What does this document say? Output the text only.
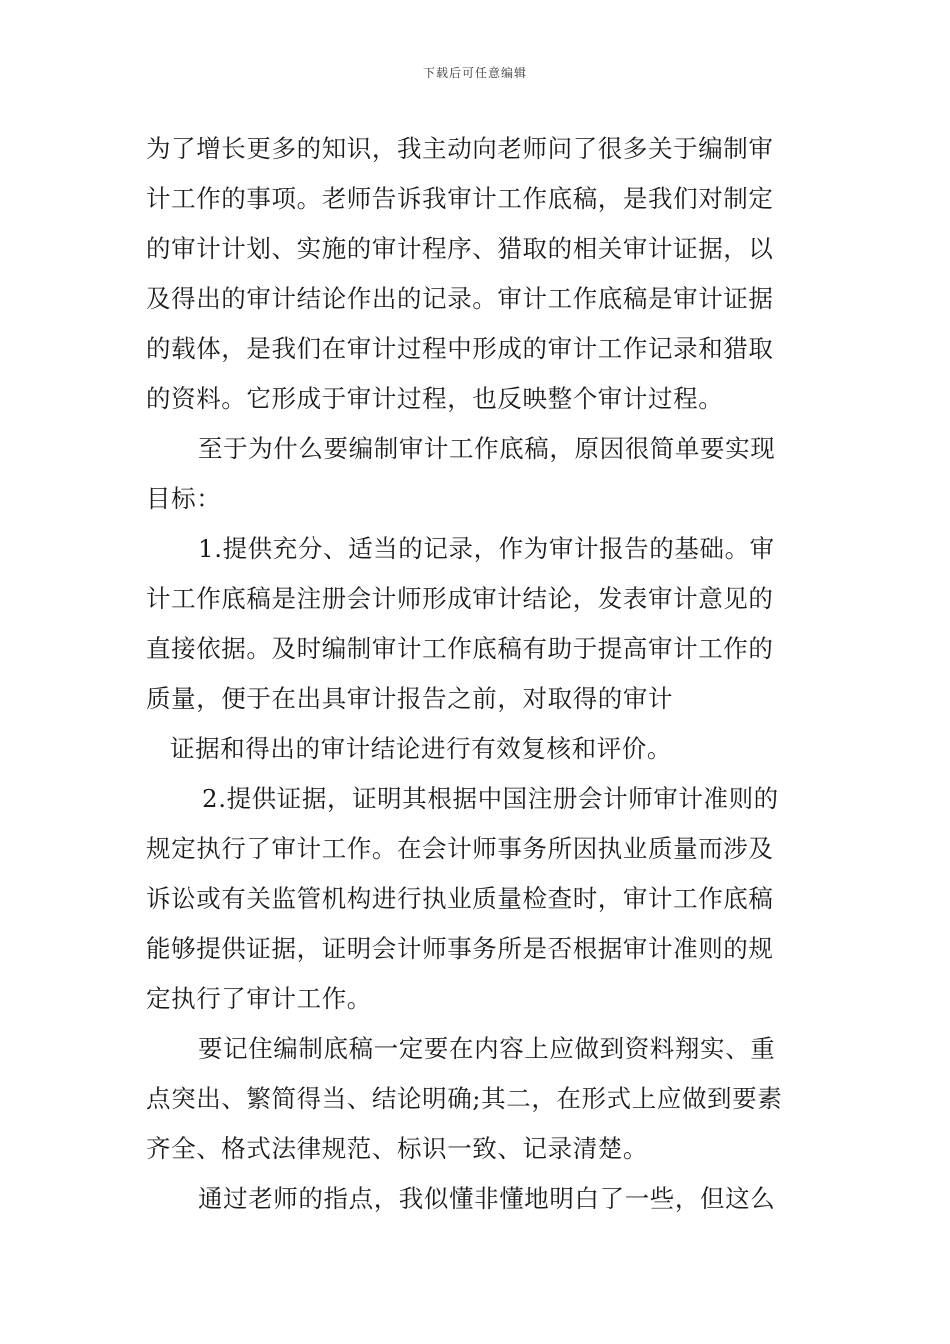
下载后可任意编辑
为了增长更多的知识，我主动向老师问了很多关于编制审
计工作的事项。老师告诉我审计工作底稿，是我们对制定
的审计计划、实施的审计程序、猎取的相关审计证据，以
及得出的审计结论作出的记录。审计工作底稿是审计证据
的载体，是我们在审计过程中形成的审计工作记录和猎取
的资料。它形成于审计过程，也反映整个审计过程。
至于为什么要编制审计工作底稿，原因很简单要实现
目标：
1.提供充分、适当的记录，作为审计报告的基础。审
计工作底稿是注册会计师形成审计结论，发表审计意见的
直接依据。及时编制审计工作底稿有助于提高审计工作的
质量，便于在出具审计报告之前，对取得的审计
证据和得出的审计结论进行有效复核和评价。
2.提供证据，证明其根据中国注册会计师审计准则的
规定执行了审计工作。在会计师事务所因执业质量而涉及
诉讼或有关监管机构进行执业质量检查时，审计工作底稿
能够提供证据，证明会计师事务所是否根据审计准则的规
定执行了审计工作。
要记住编制底稿一定要在内容上应做到资料翔实、重
点突出、繁简得当、结论明确;其二，在形式上应做到要素
齐全、格式法律规范、标识一致、记录清楚。
通过老师的指点，我似懂非懂地明白了一些，但这么
